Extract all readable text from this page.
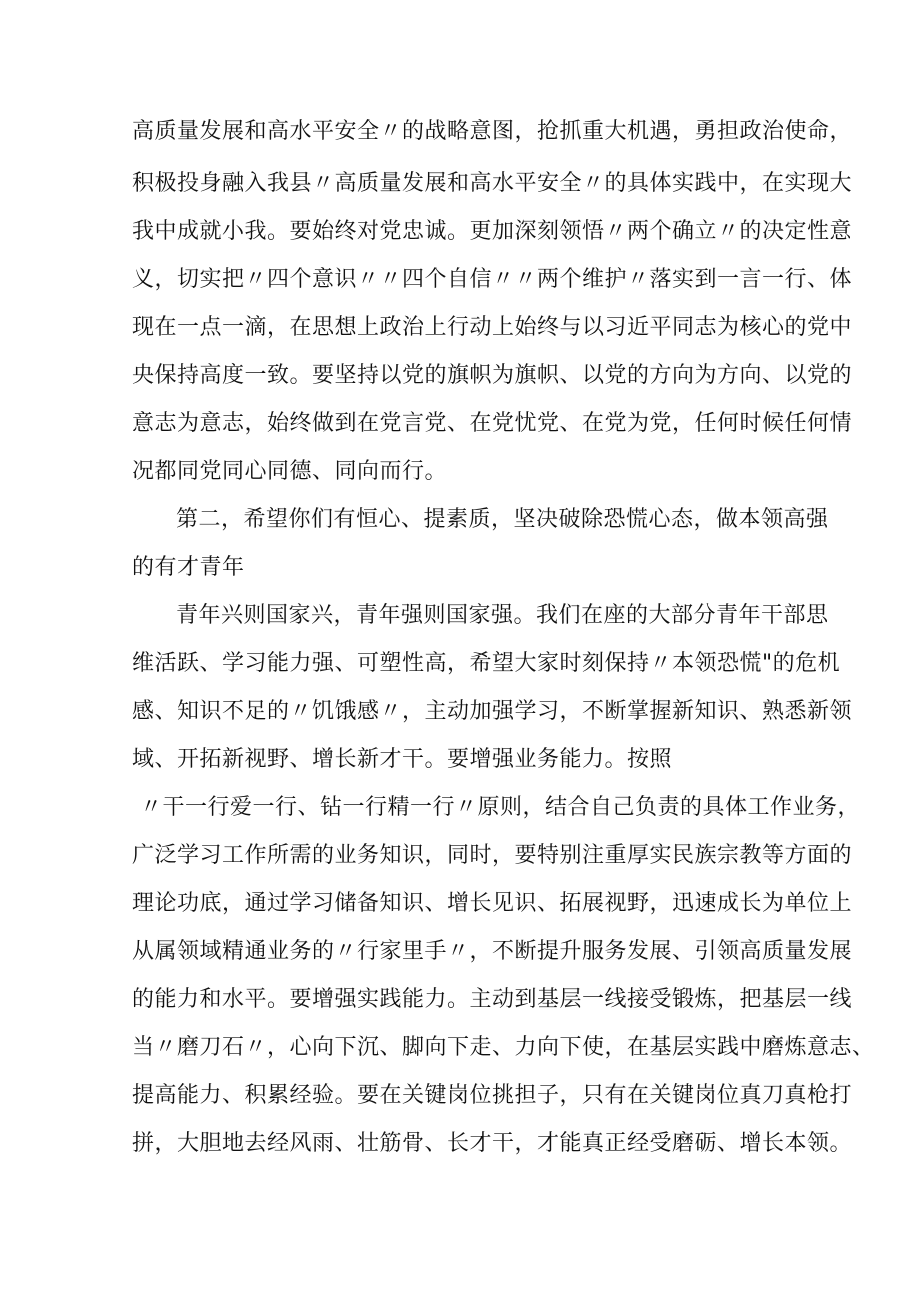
高质量发展和高水平安全〃的战略意图，抢抓重大机遇，勇担政治使命，
积极投身融入我县〃高质量发展和高水平安全〃的具体实践中，在实现大
我中成就小我。要始终对党忠诚。更加深刻领悟〃两个确立〃的决定性意
义，切实把〃四个意识〃〃四个自信〃〃两个维护〃落实到一言一行、体
现在一点一滴，在思想上政治上行动上始终与以习近平同志为核心的党中
央保持高度一致。要坚持以党的旗帜为旗帜、以党的方向为方向、以党的
意志为意志，始终做到在党言党、在党忧党、在党为党，任何时候任何情
况都同党同心同德、同向而行。
第二，希望你们有恒心、提素质，坚决破除恐慌心态，做本领高强
的有才青年
青年兴则国家兴，青年强则国家强。我们在座的大部分青年干部思
维活跃、学习能力强、可塑性高，希望大家时刻保持〃本领恐慌"的危机
感、知识不足的〃饥饿感〃，主动加强学习，不断掌握新知识、熟悉新领
域、开拓新视野、增长新才干。要增强业务能力。按照
〃干一行爱一行、钻一行精一行〃原则，结合自己负责的具体工作业务，
广泛学习工作所需的业务知识，同时，要特别注重厚实民族宗教等方面的
理论功底，通过学习储备知识、增长见识、拓展视野，迅速成长为单位上
从属领域精通业务的〃行家里手〃，不断提升服务发展、引领高质量发展
的能力和水平。要增强实践能力。主动到基层一线接受锻炼，把基层一线
当〃磨刀石〃，心向下沉、脚向下走、力向下使，在基层实践中磨炼意志、
提高能力、积累经验。要在关键岗位挑担子，只有在关键岗位真刀真枪打
拼，大胆地去经风雨、壮筋骨、长才干，才能真正经受磨砺、增长本领。
